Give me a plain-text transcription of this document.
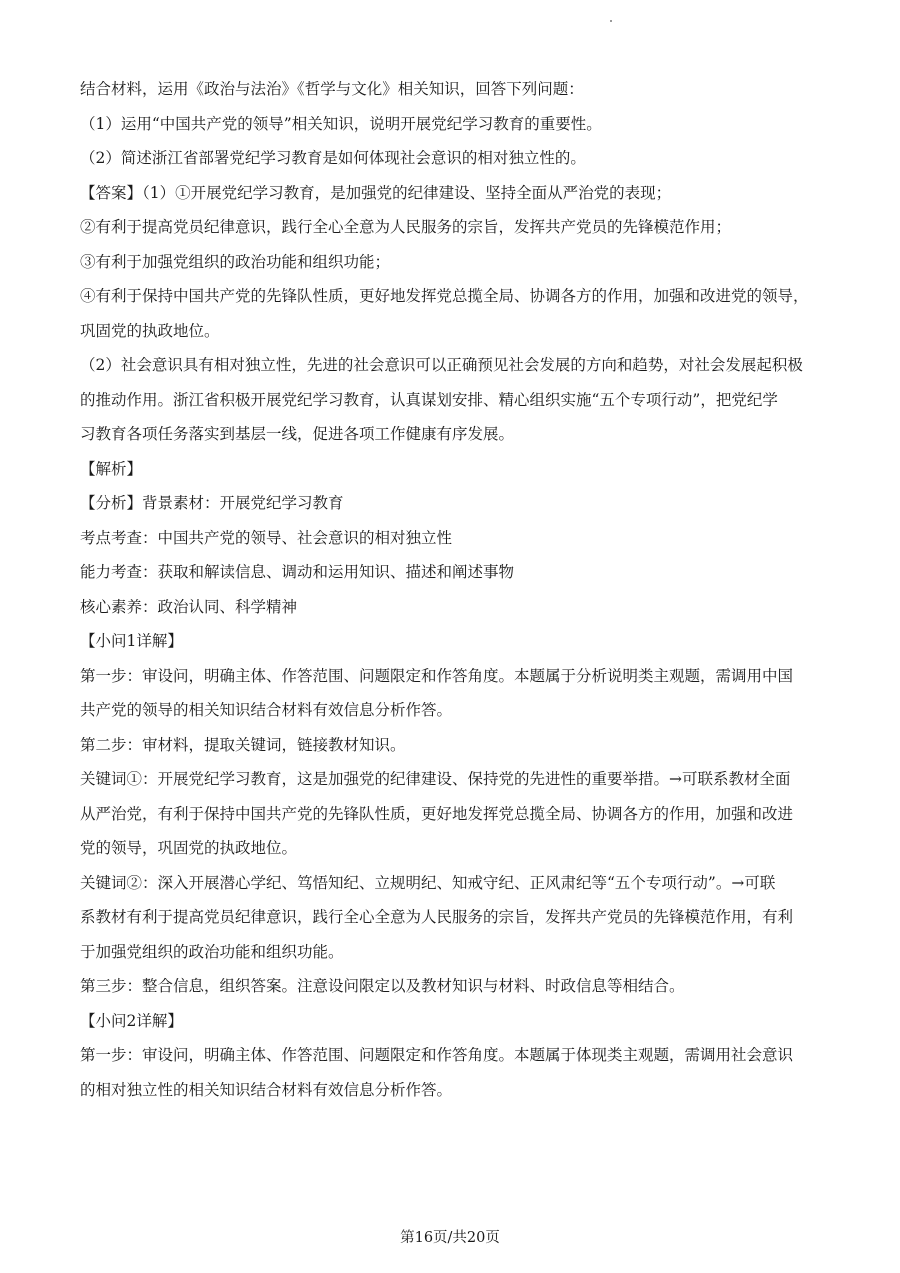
结合材料，运用《政治与法治》《哲学与文化》相关知识，回答下列问题：

（1）运用“中国共产党的领导”相关知识，说明开展党纪学习教育的重要性。

（2）简述浙江省部署党纪学习教育是如何体现社会意识的相对独立性的。

【答案】（1）①开展党纪学习教育，是加强党的纪律建设、坚持全面从严治党的表现；

②有利于提高党员纪律意识，践行全心全意为人民服务的宗旨，发挥共产党员的先锋模范作用；

③有利于加强党组织的政治功能和组织功能；

④有利于保持中国共产党的先锋队性质，更好地发挥党总揽全局、协调各方的作用，加强和改进党的领导，

巩固党的执政地位。

（2）社会意识具有相对独立性，先进的社会意识可以正确预见社会发展的方向和趋势，对社会发展起积极

的推动作用。浙江省积极开展党纪学习教育，认真谋划安排、精心组织实施“五个专项行动”，把党纪学

习教育各项任务落实到基层一线，促进各项工作健康有序发展。

【解析】

【分析】背景素材：开展党纪学习教育

考点考查：中国共产党的领导、社会意识的相对独立性

能力考查：获取和解读信息、调动和运用知识、描述和阐述事物

核心素养：政治认同、科学精神

【小问1详解】

第一步：审设问，明确主体、作答范围、问题限定和作答角度。本题属于分析说明类主观题，需调用中国

共产党的领导的相关知识结合材料有效信息分析作答。

第二步：审材料，提取关键词，链接教材知识。

关键词①：开展党纪学习教育，这是加强党的纪律建设、保持党的先进性的重要举措。→可联系教材全面

从严治党，有利于保持中国共产党的先锋队性质，更好地发挥党总揽全局、协调各方的作用，加强和改进

党的领导，巩固党的执政地位。

关键词②：深入开展潜心学纪、笃悟知纪、立规明纪、知戒守纪、正风肃纪等“五个专项行动”。→可联

系教材有利于提高党员纪律意识，践行全心全意为人民服务的宗旨，发挥共产党员的先锋模范作用，有利

于加强党组织的政治功能和组织功能。

第三步：整合信息，组织答案。注意设问限定以及教材知识与材料、时政信息等相结合。

【小问2详解】

第一步：审设问，明确主体、作答范围、问题限定和作答角度。本题属于体现类主观题，需调用社会意识

的相对独立性的相关知识结合材料有效信息分析作答。

第16页/共20页
